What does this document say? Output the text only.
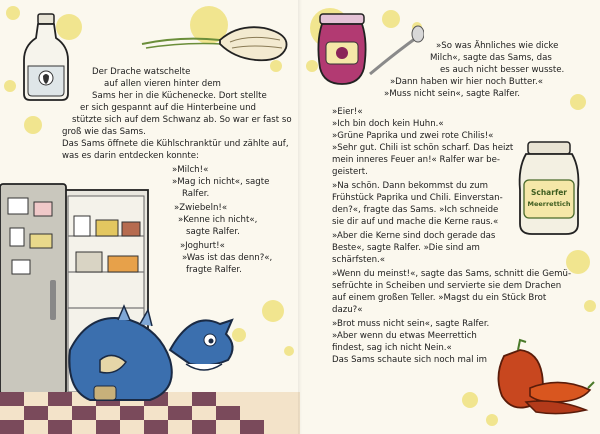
Der Drache watschelte

auf allen vieren hinter dem

Sams her in die Küchenecke. Dort stellte

er sich gespannt auf die Hinterbeine und

stützte sich auf dem Schwanz ab. So war er fast so

groß wie das Sams.

Das Sams öffnete die Kühlschranktür und zählte auf,

was es darin entdecken konnte:

»Milch!«

»Mag ich nicht«, sagte

Ralfer.

»Zwiebeln!«

»Kenne ich nicht«,

sagte Ralfer.

»Joghurt!«

»Was ist das denn?«,

fragte Ralfer.

Scharfer
Meerrettich

»So was Ähnliches wie dicke

Milch«, sagte das Sams, das

es auch nicht besser wusste.

»Dann haben wir hier noch Butter.«

»Muss nicht sein«, sagte Ralfer.

»Eier!«

»Ich bin doch kein Huhn.«

»Grüne Paprika und zwei rote Chilis!«

»Sehr gut. Chili ist schön scharf. Das heizt

mein inneres Feuer an!« Ralfer war be-

geistert.

»Na schön. Dann bekommst du zum

Frühstück Paprika und Chili. Einverstan-

den?«, fragte das Sams. »Ich schneide

sie dir auf und mache die Kerne raus.«

»Aber die Kerne sind doch gerade das

Beste«, sagte Ralfer. »Die sind am

schärfsten.«

»Wenn du meinst!«, sagte das Sams, schnitt die Gemü-

sefrüchte in Scheiben und servierte sie dem Drachen

auf einem großen Teller. »Magst du ein Stück Brot

dazu?«

»Brot muss nicht sein«, sagte Ralfer.

»Aber wenn du etwas Meerrettich

findest, sag ich nicht Nein.«

Das Sams schaute sich noch mal im
